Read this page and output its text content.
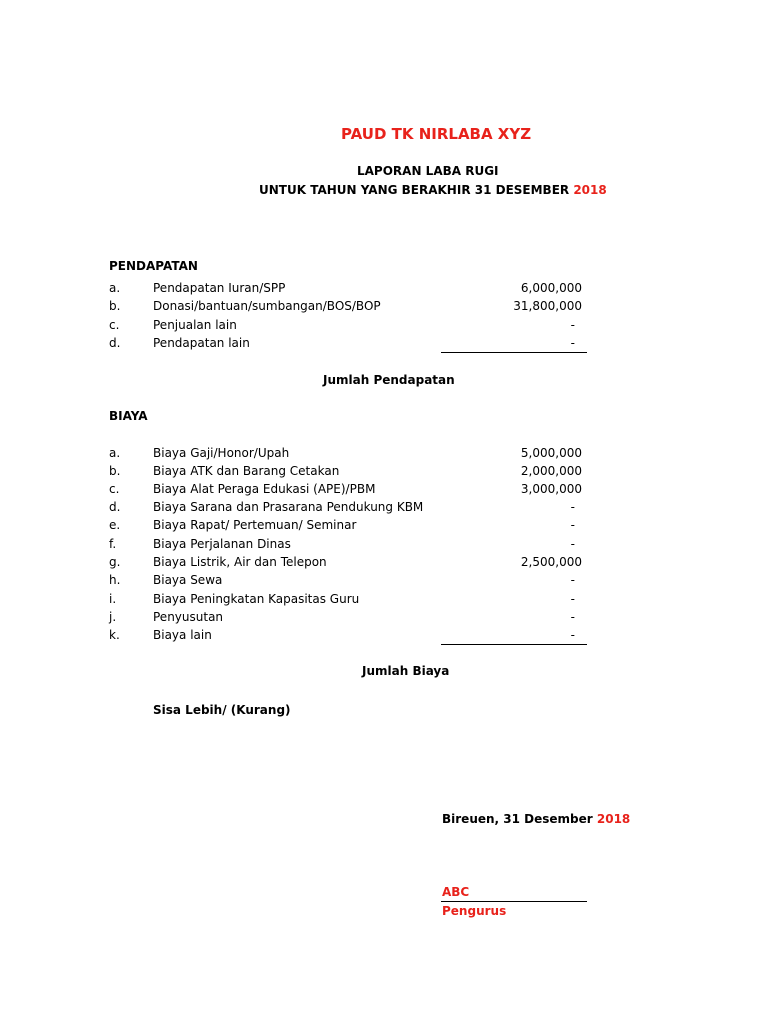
PAUD TK NIRLABA XYZ
LAPORAN LABA RUGI
UNTUK TAHUN YANG BERAKHIR 31 DESEMBER 2018
PENDAPATAN
a.	Pendapatan Iuran/SPP	6,000,000
b.	Donasi/bantuan/sumbangan/BOS/BOP	31,800,000
c.	Penjualan lain	-
d.	Pendapatan lain	-
Jumlah Pendapatan
BIAYA
a.	Biaya Gaji/Honor/Upah	5,000,000
b.	Biaya ATK dan Barang Cetakan	2,000,000
c.	Biaya Alat Peraga Edukasi (APE)/PBM	3,000,000
d.	Biaya Sarana dan Prasarana Pendukung KBM	-
e.	Biaya Rapat/ Pertemuan/ Seminar	-
f.	Biaya Perjalanan Dinas	-
g.	Biaya Listrik, Air dan Telepon	2,500,000
h.	Biaya Sewa	-
i.	Biaya Peningkatan Kapasitas Guru	-
j.	Penyusutan	-
k.	Biaya lain	-
Jumlah Biaya
Sisa Lebih/ (Kurang)
Bireuen, 31 Desember 2018
ABC
Pengurus
